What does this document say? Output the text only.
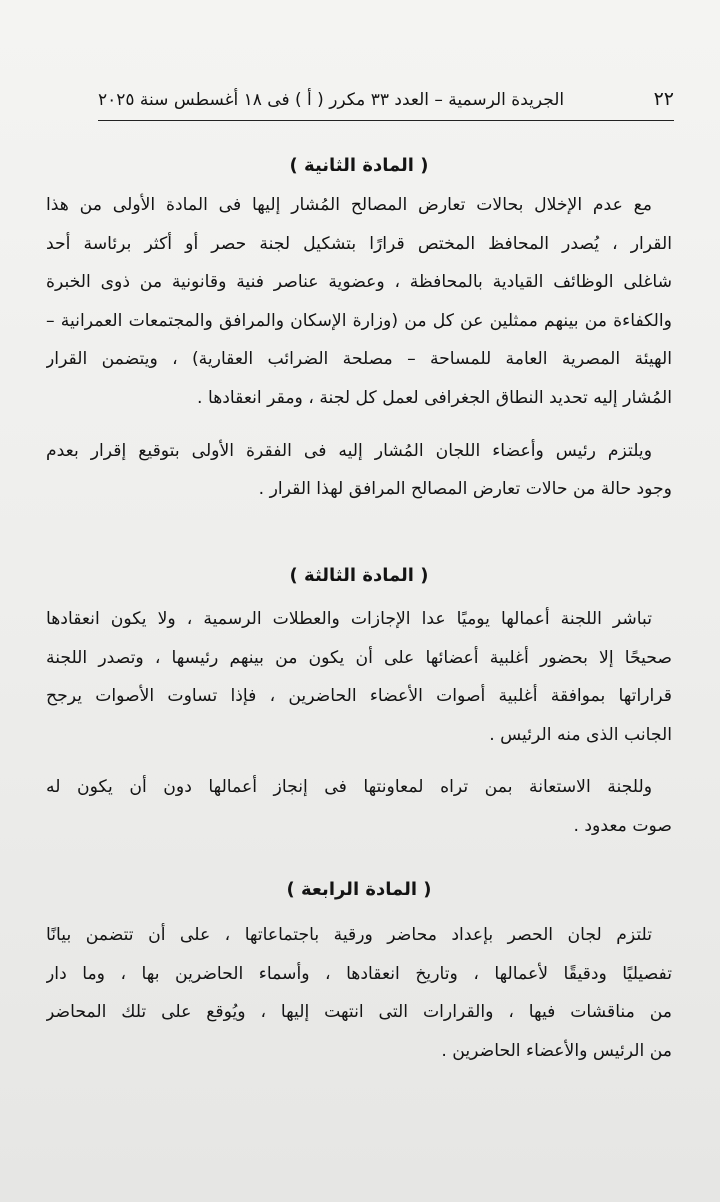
٢٢
الجريدة الرسمية – العدد ٣٣ مكرر ( أ ) فى ١٨ أغسطس سنة ٢٠٢٥
( المادة الثانية )

مع عدم الإخلال بحالات تعارض المصالح المُشار إليها فى المادة الأولى من هذا
القرار ، يُصدر المحافظ المختص قرارًا بتشكيل لجنة حصر أو أكثر برئاسة أحد
شاغلى الوظائف القيادية بالمحافظة ، وعضوية عناصر فنية وقانونية من ذوى الخبرة
والكفاءة من بينهم ممثلين عن كل من (وزارة الإسكان والمرافق والمجتمعات العمرانية –
الهيئة المصرية العامة للمساحة – مصلحة الضرائب العقارية) ، ويتضمن القرار
المُشار إليه تحديد النطاق الجغرافى لعمل كل لجنة ، ومقر انعقادها .

ويلتزم رئيس وأعضاء اللجان المُشار إليه فى الفقرة الأولى بتوقيع إقرار بعدم
وجود حالة من حالات تعارض المصالح المرافق لهذا القرار .

( المادة الثالثة )

تباشر اللجنة أعمالها يوميًا عدا الإجازات والعطلات الرسمية ، ولا يكون انعقادها
صحيحًا إلا بحضور أغلبية أعضائها على أن يكون من بينهم رئيسها ، وتصدر اللجنة
قراراتها بموافقة أغلبية أصوات الأعضاء الحاضرين ، فإذا تساوت الأصوات يرجح
الجانب الذى منه الرئيس .

وللجنة الاستعانة بمن تراه لمعاونتها فى إنجاز أعمالها دون أن يكون له
صوت معدود .

( المادة الرابعة )

تلتزم لجان الحصر بإعداد محاضر ورقية باجتماعاتها ، على أن تتضمن بيانًا
تفصيليًا ودقيقًا لأعمالها ، وتاريخ انعقادها ، وأسماء الحاضرين بها ، وما دار
من مناقشات فيها ، والقرارات التى انتهت إليها ، ويُوقع على تلك المحاضر
من الرئيس والأعضاء الحاضرين .
